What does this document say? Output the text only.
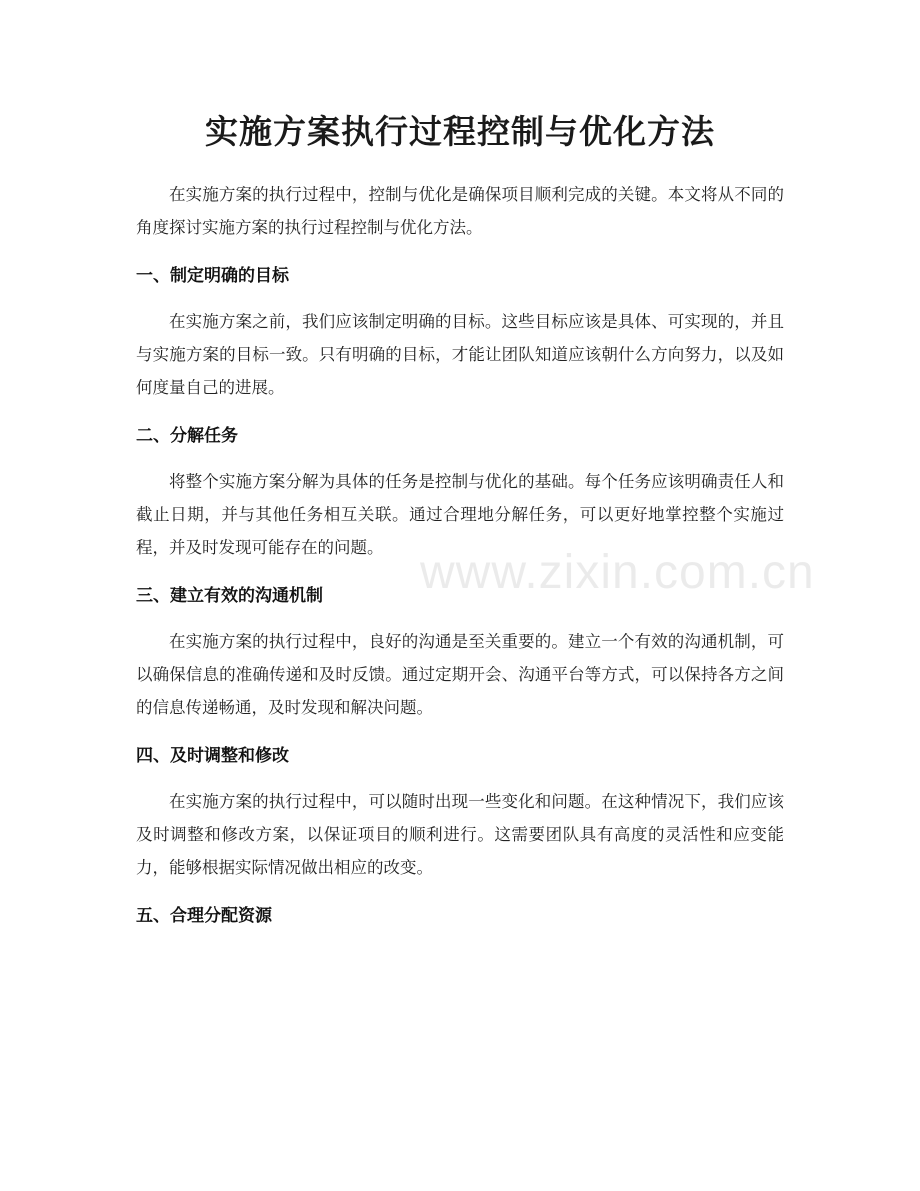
实施方案执行过程控制与优化方法

在实施方案的执行过程中，控制与优化是确保项目顺利完成的关键。本文将从不同的角度探讨实施方案的执行过程控制与优化方法。

一、制定明确的目标

在实施方案之前，我们应该制定明确的目标。这些目标应该是具体、可实现的，并且与实施方案的目标一致。只有明确的目标，才能让团队知道应该朝什么方向努力，以及如何度量自己的进展。

二、分解任务

将整个实施方案分解为具体的任务是控制与优化的基础。每个任务应该明确责任人和截止日期，并与其他任务相互关联。通过合理地分解任务，可以更好地掌控整个实施过程，并及时发现可能存在的问题。

三、建立有效的沟通机制

在实施方案的执行过程中，良好的沟通是至关重要的。建立一个有效的沟通机制，可以确保信息的准确传递和及时反馈。通过定期开会、沟通平台等方式，可以保持各方之间的信息传递畅通，及时发现和解决问题。

四、及时调整和修改

在实施方案的执行过程中，可以随时出现一些变化和问题。在这种情况下，我们应该及时调整和修改方案，以保证项目的顺利进行。这需要团队具有高度的灵活性和应变能力，能够根据实际情况做出相应的改变。

五、合理分配资源
www.zixin.com.cn
